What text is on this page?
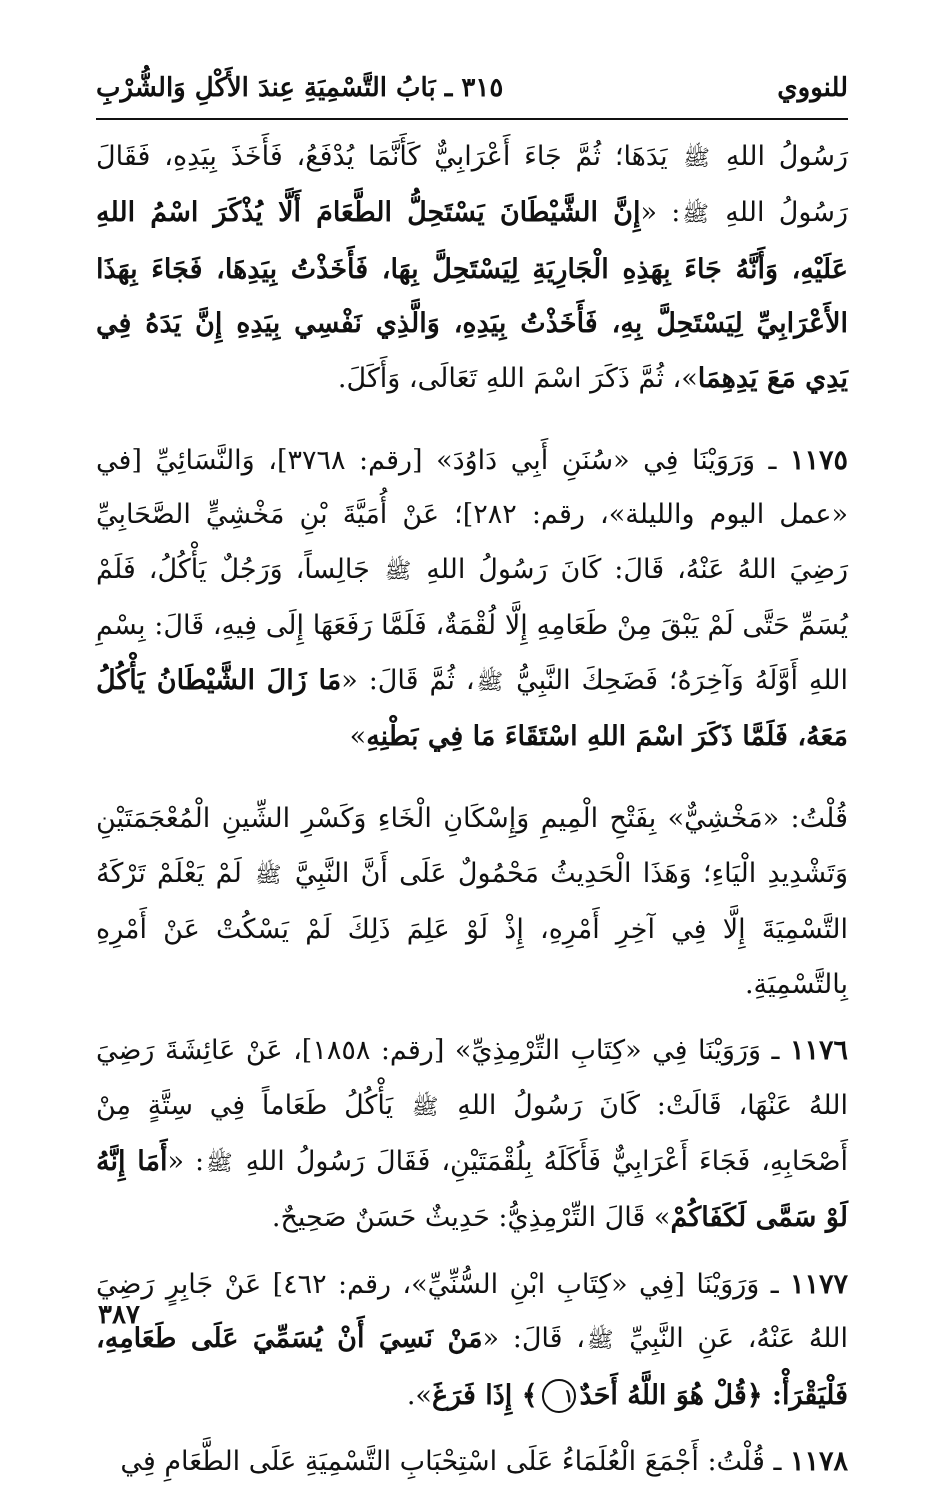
للنووي
٣١٥ ـ بَابُ التَّسْمِيَةِ عِندَ الأَكْلِ وَالشُّرْبِ

رَسُولُ اللهِ ﷺ يَدَهَا؛ ثُمَّ جَاءَ أَعْرَابِيٌّ كَأَنَّمَا يُدْفَعُ، فَأَخَذَ بِيَدِهِ، فَقَالَ رَسُولُ اللهِ ﷺ: «إِنَّ الشَّيْطَانَ يَسْتَحِلُّ الطَّعَامَ أَلَّا يُذْكَرَ اسْمُ اللهِ عَلَيْهِ، وَأَنَّهُ جَاءَ بِهَذِهِ الْجَارِيَةِ لِيَسْتَحِلَّ بِهَا، فَأَخَذْتُ بِيَدِهَا، فَجَاءَ بِهَذَا الأَعْرَابِيِّ لِيَسْتَحِلَّ بِهِ، فَأَخَذْتُ بِيَدِهِ، وَالَّذِي نَفْسِي بِيَدِهِ إِنَّ يَدَهُ فِي يَدِي مَعَ يَدِهِمَا»، ثُمَّ ذَكَرَ اسْمَ اللهِ تَعَالَى، وَأَكَلَ.

١١٧٥ ـ وَرَوَيْنَا فِي «سُنَنِ أَبِي دَاوُدَ» [رقم: ٣٧٦٨]، وَالنَّسَائِيِّ [في «عمل اليوم والليلة»، رقم: ٢٨٢]؛ عَنْ أُمَيَّةَ بْنِ مَخْشِيٍّ الصَّحَابِيِّ رَضِيَ اللهُ عَنْهُ، قَالَ: كَانَ رَسُولُ اللهِ ﷺ جَالِساً، وَرَجُلٌ يَأْكُلُ، فَلَمْ يُسَمِّ حَتَّى لَمْ يَبْقَ مِنْ طَعَامِهِ إِلَّا لُقْمَةٌ، فَلَمَّا رَفَعَهَا إِلَى فِيهِ، قَالَ: بِسْمِ اللهِ أَوَّلَهُ وَآخِرَهُ؛ فَضَحِكَ النَّبِيُّ ﷺ، ثُمَّ قَالَ: «مَا زَالَ الشَّيْطَانُ يَأْكُلُ مَعَهُ، فَلَمَّا ذَكَرَ اسْمَ اللهِ اسْتَقَاءَ مَا فِي بَطْنِهِ»

قُلْتُ: «مَخْشِيٌّ» بِفَتْحِ الْمِيمِ وَإِسْكَانِ الْخَاءِ وَكَسْرِ الشِّينِ الْمُعْجَمَتَيْنِ وَتَشْدِيدِ الْيَاءِ؛ وَهَذَا الْحَدِيثُ مَحْمُولٌ عَلَى أَنَّ النَّبِيَّ ﷺ لَمْ يَعْلَمْ تَرْكَهُ التَّسْمِيَةَ إِلَّا فِي آخِرِ أَمْرِهِ، إِذْ لَوْ عَلِمَ ذَلِكَ لَمْ يَسْكُتْ عَنْ أَمْرِهِ بِالتَّسْمِيَةِ.

١١٧٦ ـ وَرَوَيْنَا فِي «كِتَابِ التِّرْمِذِيِّ» [رقم: ١٨٥٨]، عَنْ عَائِشَةَ رَضِيَ اللهُ عَنْهَا، قَالَتْ: كَانَ رَسُولُ اللهِ ﷺ يَأْكُلُ طَعَاماً فِي سِتَّةٍ مِنْ أَصْحَابِهِ، فَجَاءَ أَعْرَابِيٌّ فَأَكَلَهُ بِلُقْمَتَيْنِ، فَقَالَ رَسُولُ اللهِ ﷺ: «أَمَا إِنَّهُ لَوْ سَمَّى لَكَفَاكُمْ» قَالَ التِّرْمِذِيُّ: حَدِيثٌ حَسَنٌ صَحِيحٌ.

١١٧٧ ـ وَرَوَيْنَا [فِي «كِتَابِ ابْنِ السُّنِّيِّ»، رقم: ٤٦٢] عَنْ جَابِرٍ رَضِيَ اللهُ عَنْهُ، عَنِ النَّبِيِّ ﷺ، قَالَ: «مَنْ نَسِيَ أَنْ يُسَمِّيَ عَلَى طَعَامِهِ، فَلْيَقْرَأْ: ﴿قُلْ هُوَ اللَّهُ أَحَدٌ١﴾ إِذَا فَرَغَ».

١١٧٨ ـ قُلْتُ: أَجْمَعَ الْعُلَمَاءُ عَلَى اسْتِحْبَابِ التَّسْمِيَةِ عَلَى الطَّعَامِ فِي

٣٨٧
